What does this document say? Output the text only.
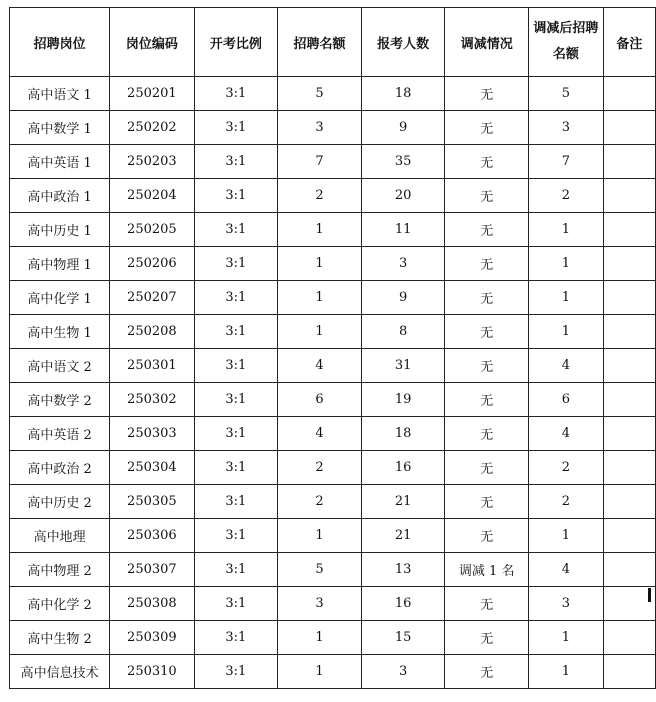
招聘岗位	岗位编码	开考比例	招聘名额	报考人数	调减情况	调减后招聘名额	备注
高中语文 1	250201	3:1	5	18	无	5	
高中数学 1	250202	3:1	3	9	无	3	
高中英语 1	250203	3:1	7	35	无	7	
高中政治 1	250204	3:1	2	20	无	2	
高中历史 1	250205	3:1	1	11	无	1	
高中物理 1	250206	3:1	1	3	无	1	
高中化学 1	250207	3:1	1	9	无	1	
高中生物 1	250208	3:1	1	8	无	1	
高中语文 2	250301	3:1	4	31	无	4	
高中数学 2	250302	3:1	6	19	无	6	
高中英语 2	250303	3:1	4	18	无	4	
高中政治 2	250304	3:1	2	16	无	2	
高中历史 2	250305	3:1	2	21	无	2	
高中地理	250306	3:1	1	21	无	1	
高中物理 2	250307	3:1	5	13	调减 1 名	4	
高中化学 2	250308	3:1	3	16	无	3	
高中生物 2	250309	3:1	1	15	无	1	
高中信息技术	250310	3:1	1	3	无	1	
